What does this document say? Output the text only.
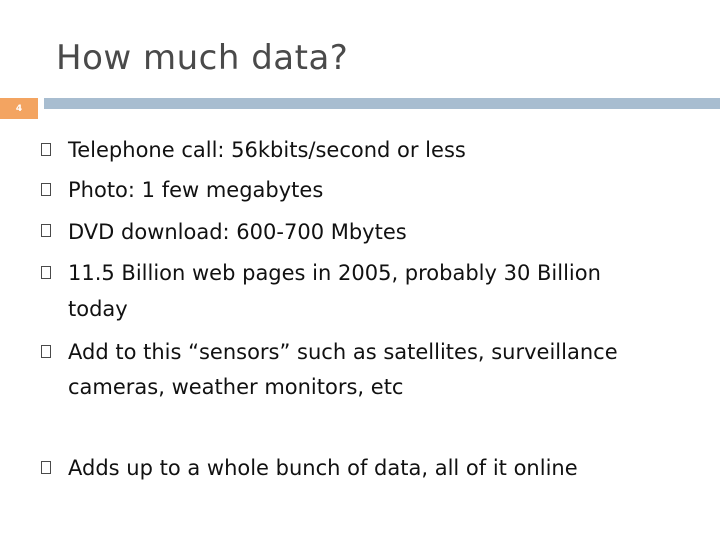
How much data?
4
Telephone call: 56kbits/second or less
Photo: 1 few megabytes
DVD download: 600-700 Mbytes
11.5 Billion web pages in 2005, probably 30 Billion
today
Add to this “sensors” such as satellites, surveillance
cameras, weather monitors, etc
Adds up to a whole bunch of data, all of it online
